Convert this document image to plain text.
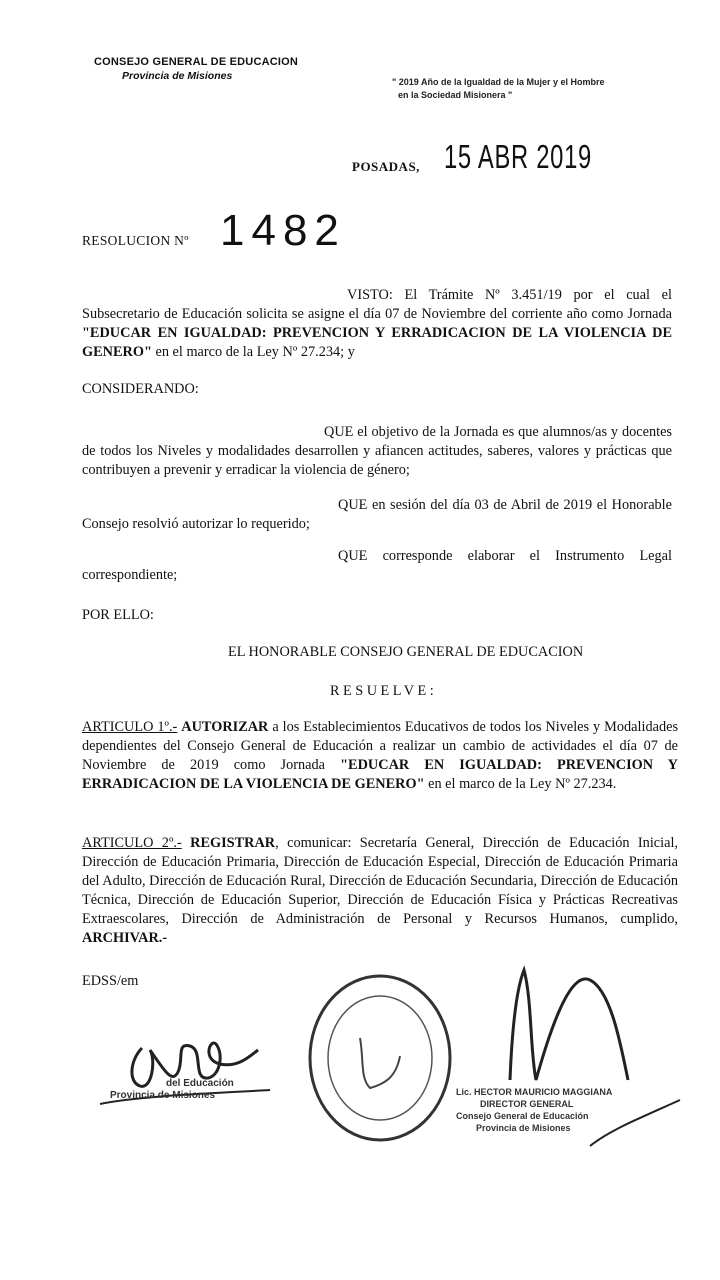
CONSEJO GENERAL DE EDUCACION
Provincia de Misiones	" 2019 Año de la Igualdad de la Mujer y el Hombre
en la Sociedad Misionera "
POSADAS, 15 ABR 2019
RESOLUCION Nº 1482
VISTO: El Trámite Nº 3.451/19 por el cual el Subsecretario de Educación solicita se asigne el día 07 de Noviembre del corriente año como Jornada "EDUCAR EN IGUALDAD: PREVENCION Y ERRADICACION DE LA VIOLENCIA DE GENERO" en el marco de la Ley Nº 27.234; y
CONSIDERANDO:
QUE el objetivo de la Jornada es que alumnos/as y docentes de todos los Niveles y modalidades desarrollen y afiancen actitudes, saberes, valores y prácticas que contribuyen a prevenir y erradicar la violencia de género;
QUE en sesión del día 03 de Abril de 2019 el Honorable Consejo resolvió autorizar lo requerido;
QUE corresponde elaborar el Instrumento Legal correspondiente;
POR ELLO:
EL HONORABLE CONSEJO GENERAL DE EDUCACION
RESUELVE:
ARTICULO 1º.- AUTORIZAR a los Establecimientos Educativos de todos los Niveles y Modalidades dependientes del Consejo General de Educación a realizar un cambio de actividades el día 07 de Noviembre de 2019 como Jornada "EDUCAR EN IGUALDAD: PREVENCION Y ERRADICACION DE LA VIOLENCIA DE GENERO" en el marco de la Ley Nº 27.234.
ARTICULO 2º.- REGISTRAR, comunicar: Secretaría General, Dirección de Educación Inicial, Dirección de Educación Primaria, Dirección de Educación Especial, Dirección de Educación Primaria del Adulto, Dirección de Educación Rural, Dirección de Educación Secundaria, Dirección de Educación Técnica, Dirección de Educación Superior, Dirección de Educación Física y Prácticas Recreativas Extraescolares, Dirección de Administración de Personal y Recursos Humanos, cumplido, ARCHIVAR.-
EDSS/em
del Educación
Provincia de Misiones	Lic. HECTOR MAURICIO MAGGIANA
DIRECTOR GENERAL
Consejo General de Educación
Provincia de Misiones
